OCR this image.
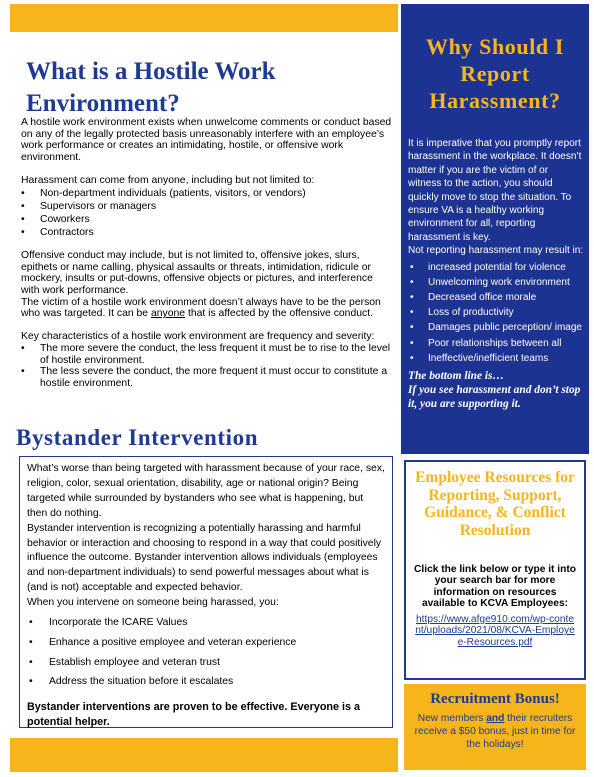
What is a Hostile Work Environment?

A hostile work environment exists when unwelcome comments or conduct based on any of the legally protected basis unreasonably interfere with an employee’s work performance or creates an intimidating, hostile, or offensive work environment.

Harassment can come from anyone, including but not limited to:

• Non-department individuals (patients, visitors, or vendors)
• Supervisors or managers
• Coworkers
• Contractors

Offensive conduct may include, but is not limited to, offensive jokes, slurs, epithets or name calling, physical assaults or threats, intimidation, ridicule or mockery, insults or put-downs, offensive objects or pictures, and interference with work performance.

The victim of a hostile work environment doesn’t always have to be the person who was targeted. It can be anyone that is affected by the offensive conduct.

Key characteristics of a hostile work environment are frequency and severity:

• The more severe the conduct, the less frequent it must be to rise to the level of hostile environment.
• The less severe the conduct, the more frequent it must occur to constitute a hostile environment.
Bystander Intervention

What’s worse than being targeted with harassment because of your race, sex, religion, color, sexual orientation, disability, age or national origin? Being targeted while surrounded by bystanders who see what is happening, but then do nothing.

Bystander intervention is recognizing a potentially harassing and harmful behavior or interaction and choosing to respond in a way that could positively influence the outcome. Bystander intervention allows individuals (employees and non-department individuals) to send powerful messages about what is (and is not) acceptable and expected behavior.

When you intervene on someone being harassed, you:

• Incorporate the ICARE Values
• Enhance a positive employee and veteran experience
• Establish employee and veteran trust
• Address the situation before it escalates

Bystander interventions are proven to be effective. Everyone is a potential helper.

Why Should I Report Harassment?

It is imperative that you promptly report harassment in the workplace. It doesn’t matter if you are the victim of or witness to the action, you should quickly move to stop the situation. To ensure VA is a healthy working environment for all, reporting harassment is key.

Not reporting harassment may result in:

• increased potential for violence
• Unwelcoming work environment
• Decreased office morale
• Loss of productivity
• Damages public perception/ image
• Poor relationships between all
• Ineffective/inefficient teams

The bottom line is…

If you see harassment and don’t stop it, you are supporting it.

Employee Resources for Reporting, Support, Guidance, & Conflict Resolution

Click the link below or type it into your search bar for more information on resources available to KCVA Employees:

https://www.afge910.com/wp-content/uploads/2021/08/KCVA-Employee-Resources.pdf
Recruitment Bonus!

New members and their recruiters receive a $50 bonus, just in time for the holidays!
